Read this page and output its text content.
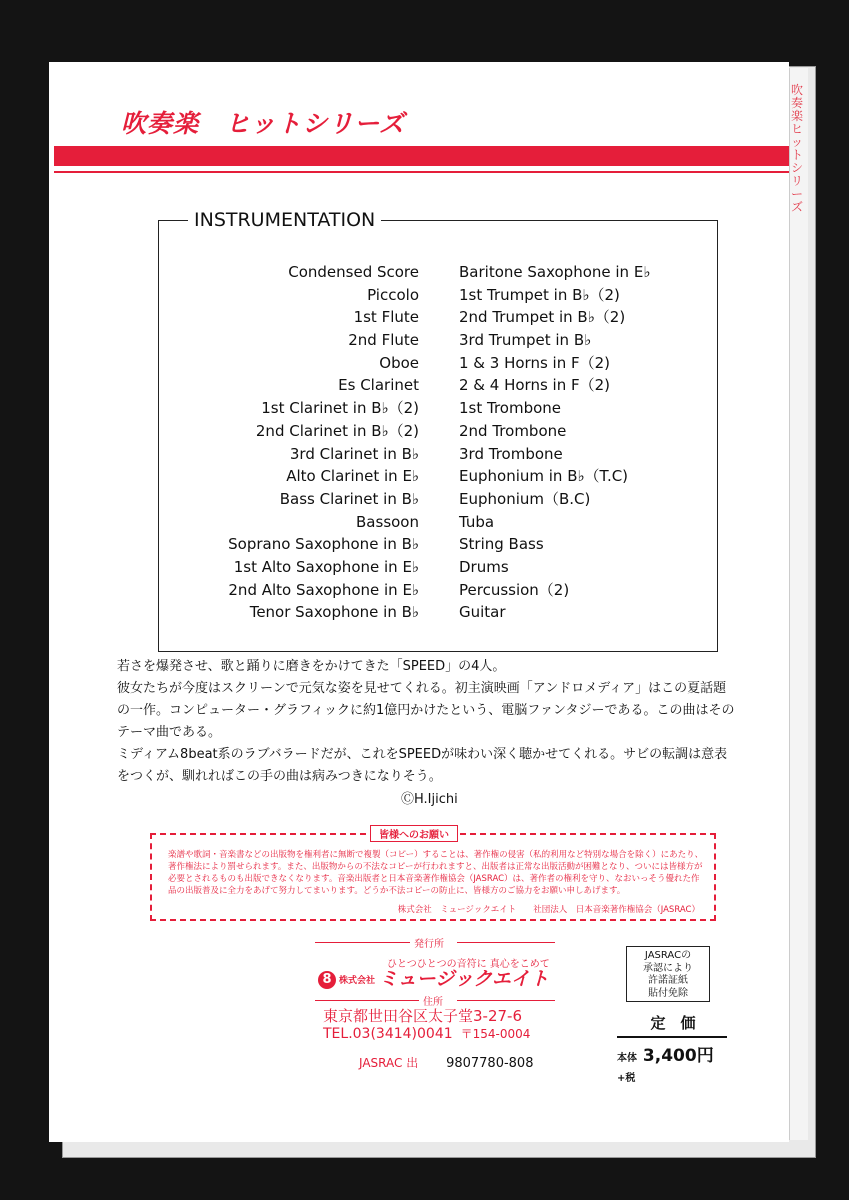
吹奏楽 ヒットシリーズ
吹奏楽　ヒットシリーズ
INSTRUMENTATION
Condensed Score
Piccolo
1st Flute
2nd Flute
Oboe
Es Clarinet
1st Clarinet in B♭（2)
2nd Clarinet in B♭（2)
3rd Clarinet in B♭
Alto Clarinet in E♭
Bass Clarinet in B♭
Bassoon
Soprano Saxophone in B♭
1st Alto Saxophone in E♭
2nd Alto Saxophone in E♭
Tenor Saxophone in B♭
Baritone Saxophone in E♭
1st Trumpet in B♭（2)
2nd Trumpet in B♭（2)
3rd Trumpet in B♭
1 & 3 Horns in F（2)
2 & 4 Horns in F（2)
1st Trombone
2nd Trombone
3rd Trombone
Euphonium in B♭（T.C)
Euphonium（B.C)
Tuba
String Bass
Drums
Percussion（2)
Guitar

若さを爆発させ、歌と踊りに磨きをかけてきた「SPEED」の4人。

彼女たちが今度はスクリーンで元気な姿を見せてくれる。初主演映画「アンドロメディア」はこの夏話題の一作。コンピューター・グラフィックに約1億円かけたという、電脳ファンタジーである。この曲はそのテーマ曲である。

ミディアム8beat系のラブバラードだが、これをSPEEDが味わい深く聴かせてくれる。サビの転調は意表をつくが、馴れればこの手の曲は病みつきになりそう。

ⒸH.Ijichi
皆様へのお願い
楽譜や歌詞・音楽書などの出版物を権利者に無断で複製（コピー）することは、著作権の侵害（私的利用など特別な場合を除く）にあたり、著作権法により罰せられます。また、出版物からの不法なコピーが行われますと、出版者は正常な出版活動が困難となり、ついには皆様方が必要とされるものも出版できなくなります。音楽出版者と日本音楽著作権協会（JASRAC）は、著作者の権利を守り、なおいっそう優れた作品の出版普及に全力をあげて努力してまいります。どうか不法コピーの防止に、皆様方のご協力をお願い申しあげます。
株式会社　ミュージックエイト　　社団法人　日本音楽著作権協会（JASRAC）
発行所
ひとつひとつの音符に 真心をこめて
8 株式会社 ミュージックエイト
住所
東京都世田谷区太子堂3-27-6
TEL.03(3414)0041 〒154-0004
JASRAC 出 9807780-808
JASRACの
承認により
許諾証紙
貼付免除
定　価
本体 3,400円 +税
